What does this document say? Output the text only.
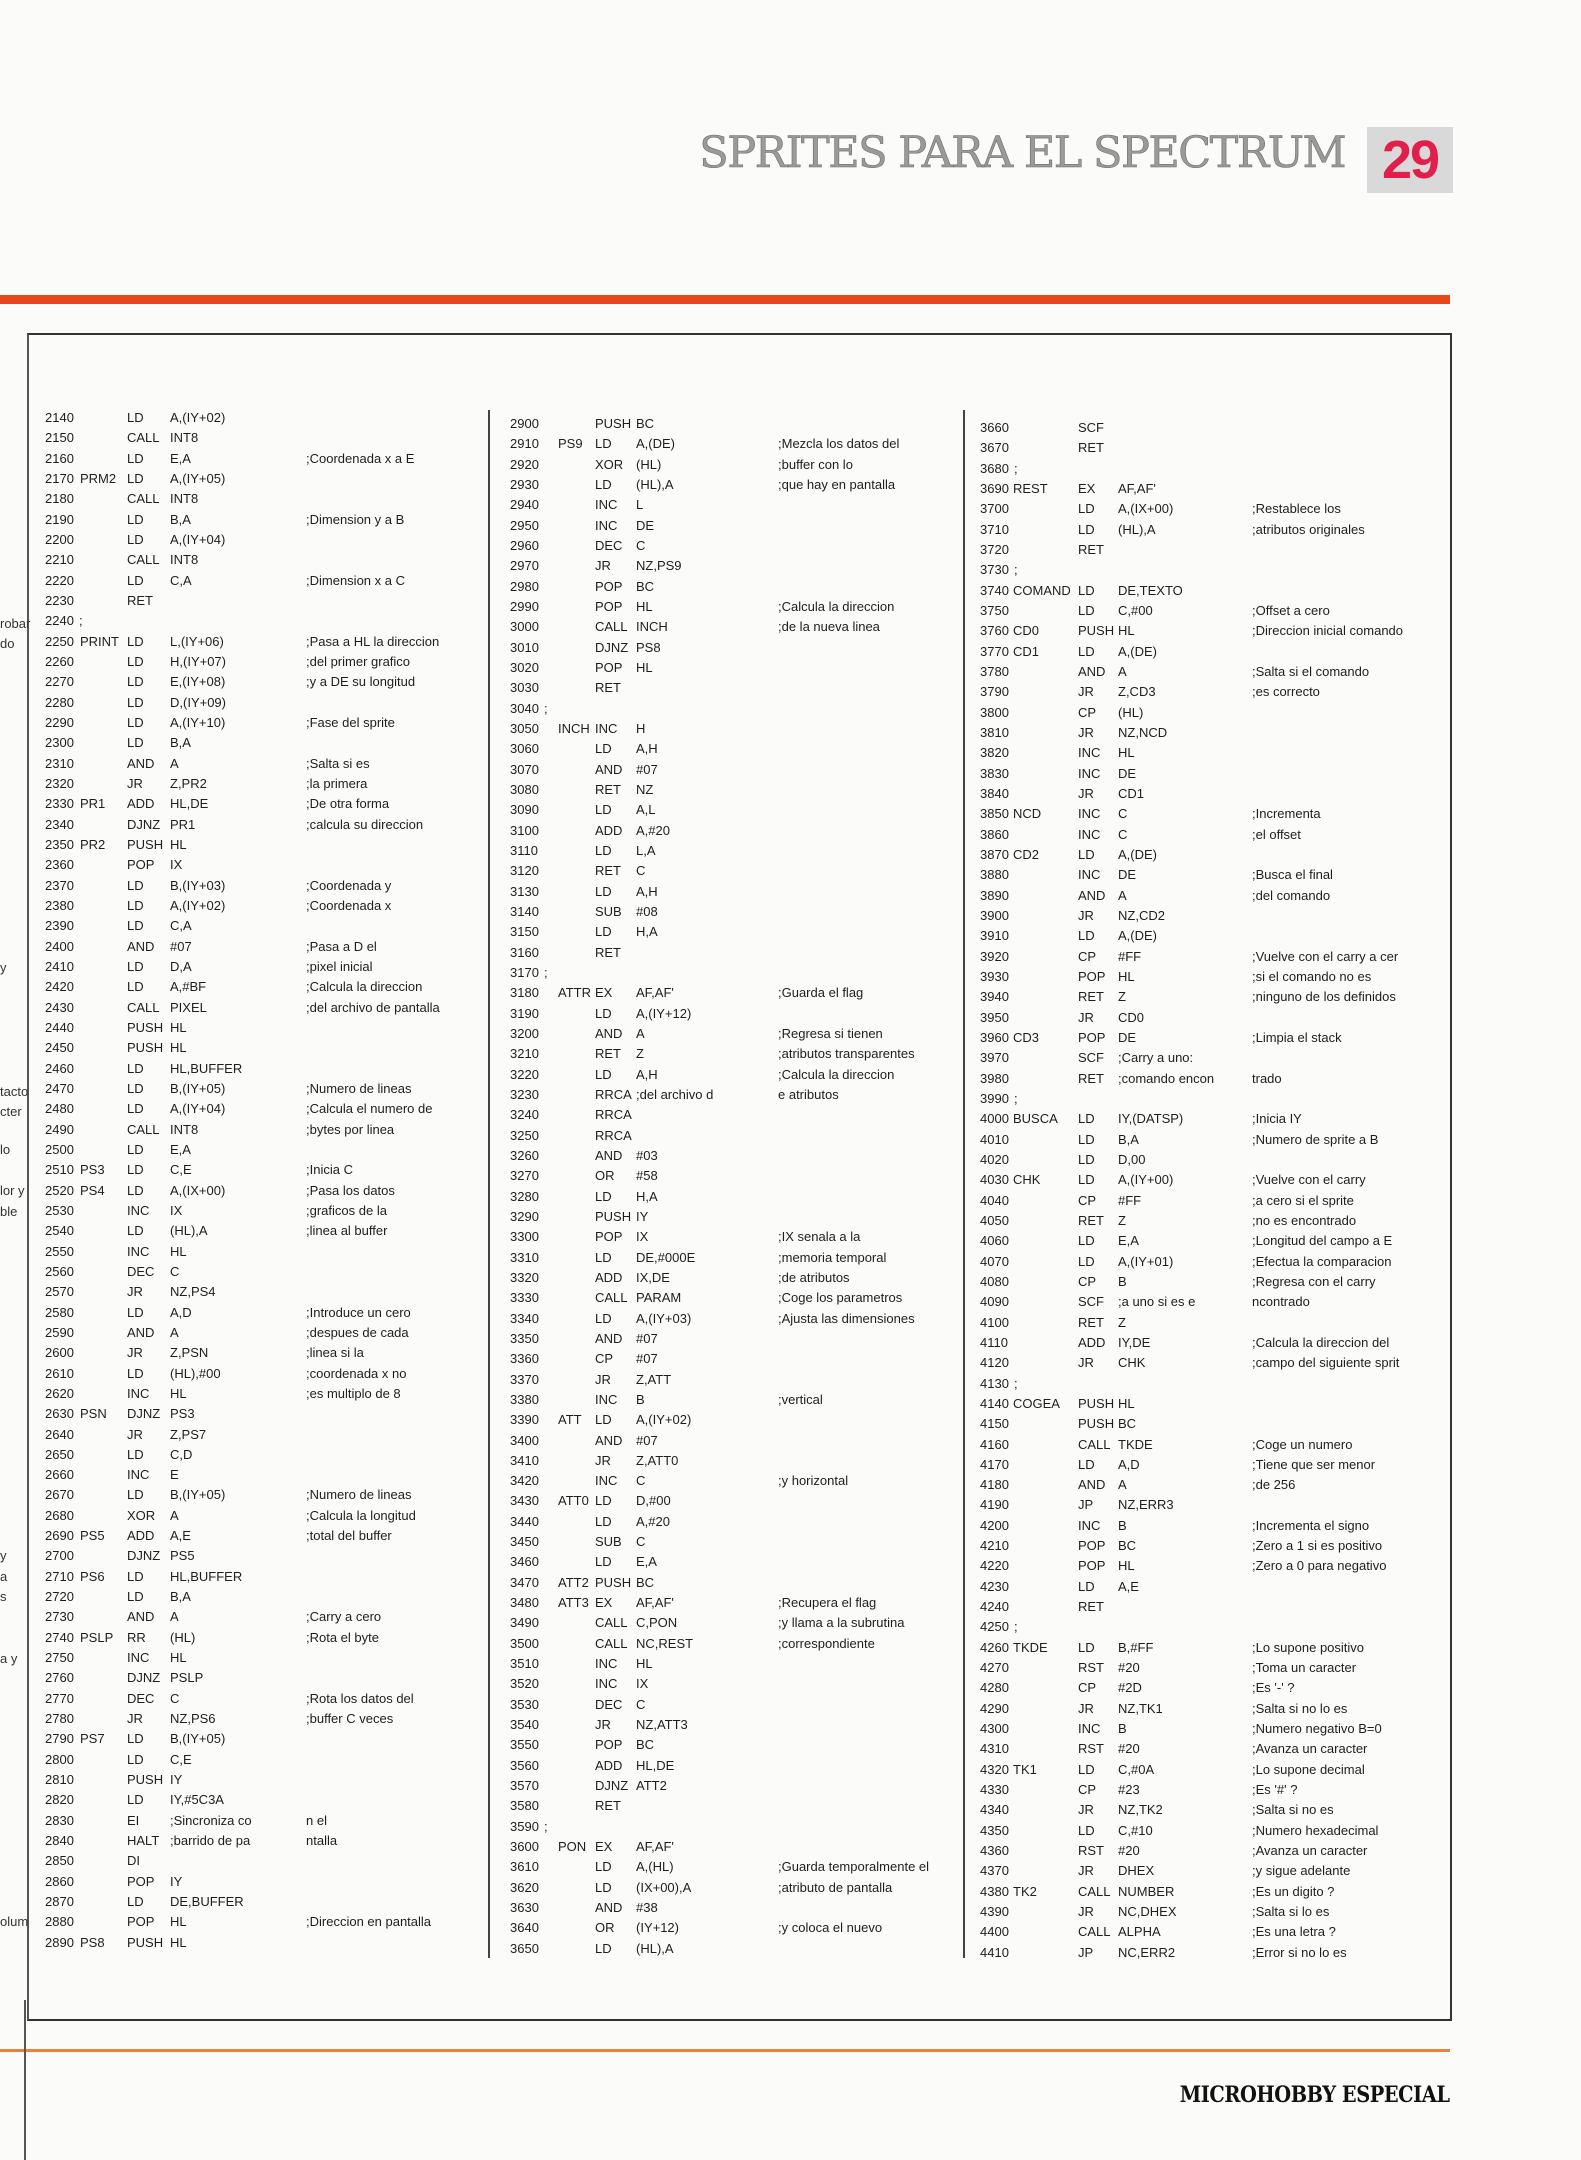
SPRITES PARA EL SPECTRUM 29
MICROHOBBY ESPECIAL
robar
do
y
tacto
cter
lo
lor y
ble
y
a
s
a y
olum
2140	LD A,(IY+02)
2150	CALL INT8
2160	LD E,A	;Coordenada x a E
2170 PRM2 LD A,(IY+05)
2180	CALL INT8
2190	LD B,A	;Dimension y a B
2200	LD A,(IY+04)
2210	CALL INT8
2220	LD C,A	;Dimension x a C
2230	RET
2240 ;
2250 PRINT LD L,(IY+06)	;Pasa a HL la direccion
2260	LD H,(IY+07)	;del primer grafico
2270	LD E,(IY+08)	;y a DE su longitud
2280	LD D,(IY+09)
2290	LD A,(IY+10)	;Fase del sprite
2300	LD B,A
2310	AND A	;Salta si es
2320	JR Z,PR2	;la primera
2330 PR1 ADD HL,DE	;De otra forma
2340	DJNZ PR1	;calcula su direccion
2350 PR2 PUSH HL
2360	POP IX
2370	LD B,(IY+03)	;Coordenada y
2380	LD A,(IY+02)	;Coordenada x
2390	LD C,A
2400	AND #07	;Pasa a D el
2410	LD D,A	;pixel inicial
2420	LD A,#BF	;Calcula la direccion
2430	CALL PIXEL	;del archivo de pantalla
2440	PUSH HL
2450	PUSH HL
2460	LD HL,BUFFER
2470	LD B,(IY+05)	;Numero de lineas
2480	LD A,(IY+04)	;Calcula el numero de
2490	CALL INT8	;bytes por linea
2500	LD E,A
2510 PS3 LD C,E	;Inicia C
2520 PS4 LD A,(IX+00)	;Pasa los datos
2530	INC IX	;graficos de la
2540	LD (HL),A	;linea al buffer
2550	INC HL
2560	DEC C
2570	JR NZ,PS4
2580	LD A,D	;Introduce un cero
2590	AND A	;despues de cada
2600	JR Z,PSN	;linea si la
2610	LD (HL),#00	;coordenada x no
2620	INC HL	;es multiplo de 8
2630 PSN DJNZ PS3
2640	JR Z,PS7
2650	LD C,D
2660	INC E
2670	LD B,(IY+05)	;Numero de lineas
2680	XOR A	;Calcula la longitud
2690 PS5 ADD A,E	;total del buffer
2700	DJNZ PS5
2710 PS6 LD HL,BUFFER
2720	LD B,A
2730	AND A	;Carry a cero
2740 PSLP RR (HL)	;Rota el byte
2750	INC HL
2760	DJNZ PSLP
2770	DEC C	;Rota los datos del
2780	JR NZ,PS6	;buffer C veces
2790 PS7 LD B,(IY+05)
2800	LD C,E
2810	PUSH IY
2820	LD IY,#5C3A
2830	EI ;Sincroniza co	n el
2840	HALT ;barrido de pa	ntalla
2850	DI
2860	POP IY
2870	LD DE,BUFFER
2880	POP HL	;Direccion en pantalla
2890 PS8 PUSH HL
2900	PUSH BC
2910 PS9 LD A,(DE)	;Mezcla los datos del
2920	XOR (HL)	;buffer con lo
2930	LD (HL),A	;que hay en pantalla
2940	INC L
2950	INC DE
2960	DEC C
2970	JR NZ,PS9
2980	POP BC
2990	POP HL	;Calcula la direccion
3000	CALL INCH	;de la nueva linea
3010	DJNZ PS8
3020	POP HL
3030	RET
3040 ;
3050 INCH INC H
3060	LD A,H
3070	AND #07
3080	RET NZ
3090	LD A,L
3100	ADD A,#20
3110	LD L,A
3120	RET C
3130	LD A,H
3140	SUB #08
3150	LD H,A
3160	RET
3170 ;
3180 ATTR EX AF,AF'	;Guarda el flag
3190	LD A,(IY+12)
3200	AND A	;Regresa si tienen
3210	RET Z	;atributos transparentes
3220	LD A,H	;Calcula la direccion
3230	RRCA ;del archivo d	e atributos
3240	RRCA
3250	RRCA
3260	AND #03
3270	OR #58
3280	LD H,A
3290	PUSH IY
3300	POP IX	;IX senala a la
3310	LD DE,#000E	;memoria temporal
3320	ADD IX,DE	;de atributos
3330	CALL PARAM	;Coge los parametros
3340	LD A,(IY+03)	;Ajusta las dimensiones
3350	AND #07
3360	CP #07
3370	JR Z,ATT
3380	INC B	;vertical
3390 ATT LD A,(IY+02)
3400	AND #07
3410	JR Z,ATT0
3420	INC C	;y horizontal
3430 ATT0 LD D,#00
3440	LD A,#20
3450	SUB C
3460	LD E,A
3470 ATT2 PUSH BC
3480 ATT3 EX AF,AF'	;Recupera el flag
3490	CALL C,PON	;y llama a la subrutina
3500	CALL NC,REST	;correspondiente
3510	INC HL
3520	INC IX
3530	DEC C
3540	JR NZ,ATT3
3550	POP BC
3560	ADD HL,DE
3570	DJNZ ATT2
3580	RET
3590 ;
3600 PON EX AF,AF'
3610	LD A,(HL)	;Guarda temporalmente el
3620	LD (IX+00),A	;atributo de pantalla
3630	AND #38
3640	OR (IY+12)	;y coloca el nuevo
3650	LD (HL),A
3660	SCF
3670	RET
3680 ;
3690 REST EX AF,AF'
3700	LD A,(IX+00)	;Restablece los
3710	LD (HL),A	;atributos originales
3720	RET
3730 ;
3740 COMAND LD DE,TEXTO
3750	LD C,#00	;Offset a cero
3760 CD0	PUSH HL	;Direccion inicial comando
3770 CD1	LD A,(DE)
3780	AND A	;Salta si el comando
3790	JR Z,CD3	;es correcto
3800	CP (HL)
3810	JR NZ,NCD
3820	INC HL
3830	INC DE
3840	JR CD1
3850 NCD	INC C	;Incrementa
3860	INC C	;el offset
3870 CD2	LD A,(DE)
3880	INC DE	;Busca el final
3890	AND A	;del comando
3900	JR NZ,CD2
3910	LD A,(DE)
3920	CP #FF	;Vuelve con el carry a cer
3930	POP HL	;si el comando no es
3940	RET Z	;ninguno de los definidos
3950	JR CD0
3960 CD3	POP DE	;Limpia el stack
3970	SCF ;Carry a uno:
3980	RET ;comando encon	trado
3990 ;
4000 BUSCA LD IY,(DATSP)	;Inicia IY
4010	LD B,A	;Numero de sprite a B
4020	LD D,00
4030 CHK	LD A,(IY+00)	;Vuelve con el carry
4040	CP #FF	;a cero si el sprite
4050	RET Z	;no es encontrado
4060	LD E,A	;Longitud del campo a E
4070	LD A,(IY+01)	;Efectua la comparacion
4080	CP B	;Regresa con el carry
4090	SCF ;a uno si es e	ncontrado
4100	RET Z
4110	ADD IY,DE	;Calcula la direccion del
4120	JR CHK	;campo del siguiente sprit
4130 ;
4140 COGEA PUSH HL
4150	PUSH BC
4160	CALL TKDE	;Coge un numero
4170	LD A,D	;Tiene que ser menor
4180	AND A	;de 256
4190	JP NZ,ERR3
4200	INC B	;Incrementa el signo
4210	POP BC	;Zero a 1 si es positivo
4220	POP HL	;Zero a 0 para negativo
4230	LD A,E
4240	RET
4250 ;
4260 TKDE LD B,#FF	;Lo supone positivo
4270	RST #20	;Toma un caracter
4280	CP #2D	;Es '-' ?
4290	JR NZ,TK1	;Salta si no lo es
4300	INC B	;Numero negativo B=0
4310	RST #20	;Avanza un caracter
4320 TK1	LD C,#0A	;Lo supone decimal
4330	CP #23	;Es '#' ?
4340	JR NZ,TK2	;Salta si no es
4350	LD C,#10	;Numero hexadecimal
4360	RST #20	;Avanza un caracter
4370	JR DHEX	;y sigue adelante
4380 TK2	CALL NUMBER	;Es un digito ?
4390	JR NC,DHEX	;Salta si lo es
4400	CALL ALPHA	;Es una letra ?
4410	JP NC,ERR2	;Error si no lo es
